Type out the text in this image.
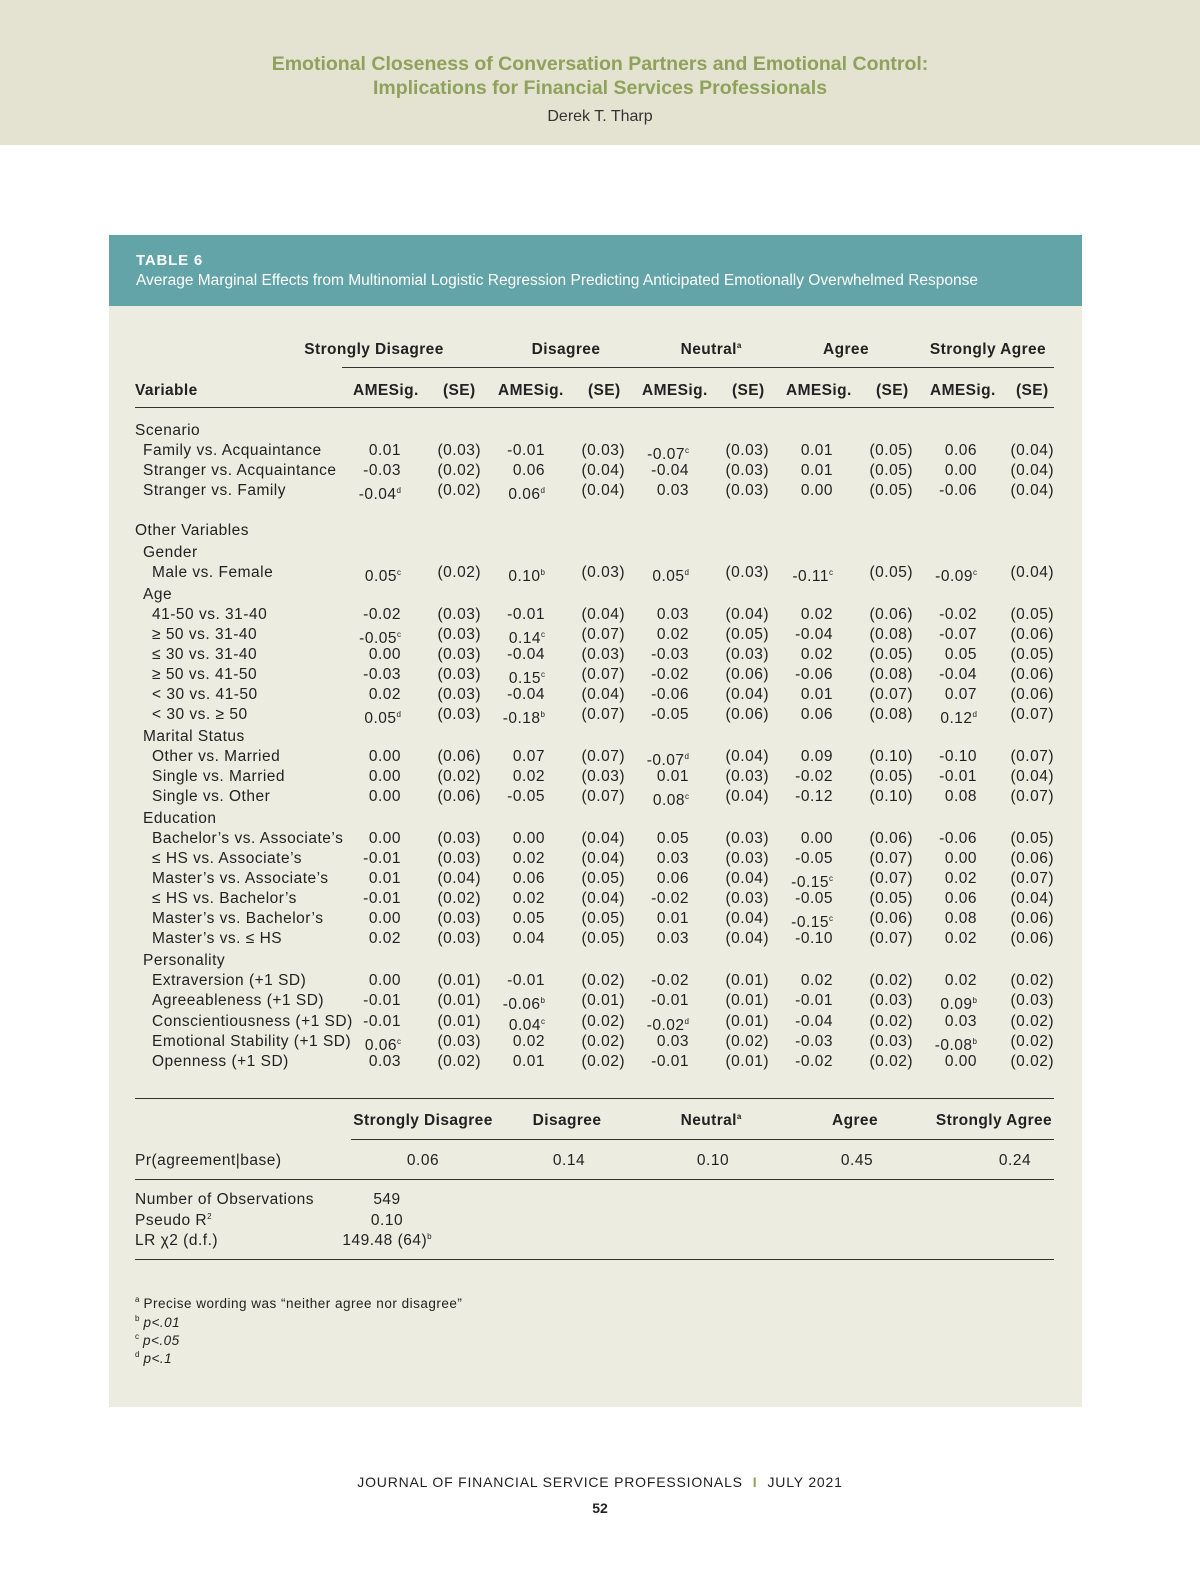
Emotional Closeness of Conversation Partners and Emotional Control:
Implications for Financial Services Professionals
Derek T. Tharp
TABLE 6
Average Marginal Effects from Multinomial Logistic Regression Predicting Anticipated Emotionally Overwhelmed Response
Variable
Strongly Disagree	Disagree	Neutral$^a$	Agree	Strongly Agree
AMESig. (SE) AMESig. (SE) AMESig. (SE) AMESig. (SE) AMESig. (SE)
Scenario
Family vs. Acquaintance	0.01 (0.03) -0.01 (0.03) -0.07$^c$ (0.03) 0.01 (0.05) 0.06 (0.04)
Stranger vs. Acquaintance -0.03 (0.02) 0.06 (0.04) -0.04 (0.03) 0.01 (0.05) 0.00 (0.04)
Stranger vs. Family	-0.04$^d$ (0.02) 0.06$^d$ (0.04) 0.03 (0.03) 0.00 (0.05) -0.06 (0.04)
Other Variables
Gender
Male vs. Female	0.05$^c$ (0.02) 0.10$^b$ (0.03) 0.05$^d$ (0.03) -0.11$^c$ (0.05) -0.09$^c$ (0.04)
Age
41-50 vs. 31-40	-0.02 (0.03) -0.01 (0.04) 0.03 (0.04) 0.02 (0.06) -0.02 (0.05)
≥ 50 vs. 31-40	-0.05$^c$ (0.03) 0.14$^c$ (0.07) 0.02 (0.05) -0.04 (0.08) -0.07 (0.06)
≤ 30 vs. 31-40	0.00 (0.03) -0.04 (0.03) -0.03 (0.03) 0.02 (0.05) 0.05 (0.05)
≥ 50 vs. 41-50	-0.03 (0.03) 0.15$^c$ (0.07) -0.02 (0.06) -0.06 (0.08) -0.04 (0.06)
< 30 vs. 41-50	0.02 (0.03) -0.04 (0.04) -0.06 (0.04) 0.01 (0.07) 0.07 (0.06)
< 30 vs. ≥ 50	0.05$^d$ (0.03) -0.18$^b$ (0.07) -0.05 (0.06) 0.06 (0.08) 0.12$^d$ (0.07)
Marital Status
Other vs. Married	0.00 (0.06) 0.07 (0.07) -0.07$^d$ (0.04) 0.09 (0.10) -0.10 (0.07)
Single vs. Married	0.00 (0.02) 0.02 (0.03) 0.01 (0.03) -0.02 (0.05) -0.01 (0.04)
Single vs. Other	0.00 (0.06) -0.05 (0.07) 0.08$^c$ (0.04) -0.12 (0.10) 0.08 (0.07)
Education
Bachelor’s vs. Associate’s 0.00 (0.03) 0.00 (0.04) 0.05 (0.03) 0.00 (0.06) -0.06 (0.05)
≤ HS vs. Associate’s	-0.01 (0.03) 0.02 (0.04) 0.03 (0.03) -0.05 (0.07) 0.00 (0.06)
Master’s vs. Associate’s	0.01 (0.04) 0.06 (0.05) 0.06 (0.04) -0.15$^c$ (0.07) 0.02 (0.07)
≤ HS vs. Bachelor’s	-0.01 (0.02) 0.02 (0.04) -0.02 (0.03) -0.05 (0.05) 0.06 (0.04)
Master’s vs. Bachelor’s	0.00 (0.03) 0.05 (0.05) 0.01 (0.04) -0.15$^c$ (0.06) 0.08 (0.06)
Master’s vs. ≤ HS	0.02 (0.03) 0.04 (0.05) 0.03 (0.04) -0.10 (0.07) 0.02 (0.06)
Personality
Extraversion (+1 SD)	0.00 (0.01) -0.01 (0.02) -0.02 (0.01) 0.02 (0.02) 0.02 (0.02)
Agreeableness (+1 SD)	-0.01 (0.01) -0.06$^b$ (0.01) -0.01 (0.01) -0.01 (0.03) 0.09$^b$ (0.03)
Conscientiousness (+1 SD) -0.01 (0.01) 0.04$^c$ (0.02) -0.02$^d$ (0.01) -0.04 (0.02) 0.03 (0.02)
Emotional Stability (+1 SD) 0.06$^c$ (0.03) 0.02 (0.02) 0.03 (0.02) -0.03 (0.03) -0.08$^b$ (0.02)
Openness (+1 SD)	0.03 (0.02) 0.01 (0.02) -0.01 (0.01) -0.02 (0.02) 0.00 (0.02)
Strongly Disagree	Disagree	Neutral$^a$	Agree	Strongly Agree
Pr(agreement|base)	0.06	0.14	0.10	0.45	0.24
Number of Observations	549
Pseudo $R^2$	0.10
LR χ2 (d.f.)	149.48 $(64)^b$
$^a$ Precise wording was “neither agree nor disagree”
$^b$ p<.01
$^c$ p<.05
$^d$ p<.1
JOURNAL OF FINANCIAL SERVICE PROFESSIONALS I JULY 2021
52
